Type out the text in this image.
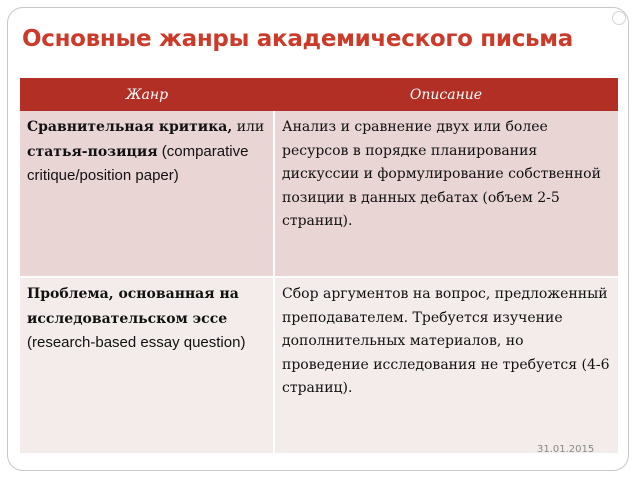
Основные жанры академического письма
Жанр	Описание
Сравнительная критика, или статья-позиция (comparative critique/position paper)	Анализ и сравнение двух или более ресурсов в порядке планирования дискуссии и формулирование собственной позиции в данных дебатах (объем 2-5 страниц).
Проблема, основанная на исследовательском эссе (research-based essay question)	Сбор аргументов на вопрос, предложенный преподавателем. Требуется изучение дополнительных материалов, но проведение исследования не требуется (4-6 страниц).
31.01.2015
